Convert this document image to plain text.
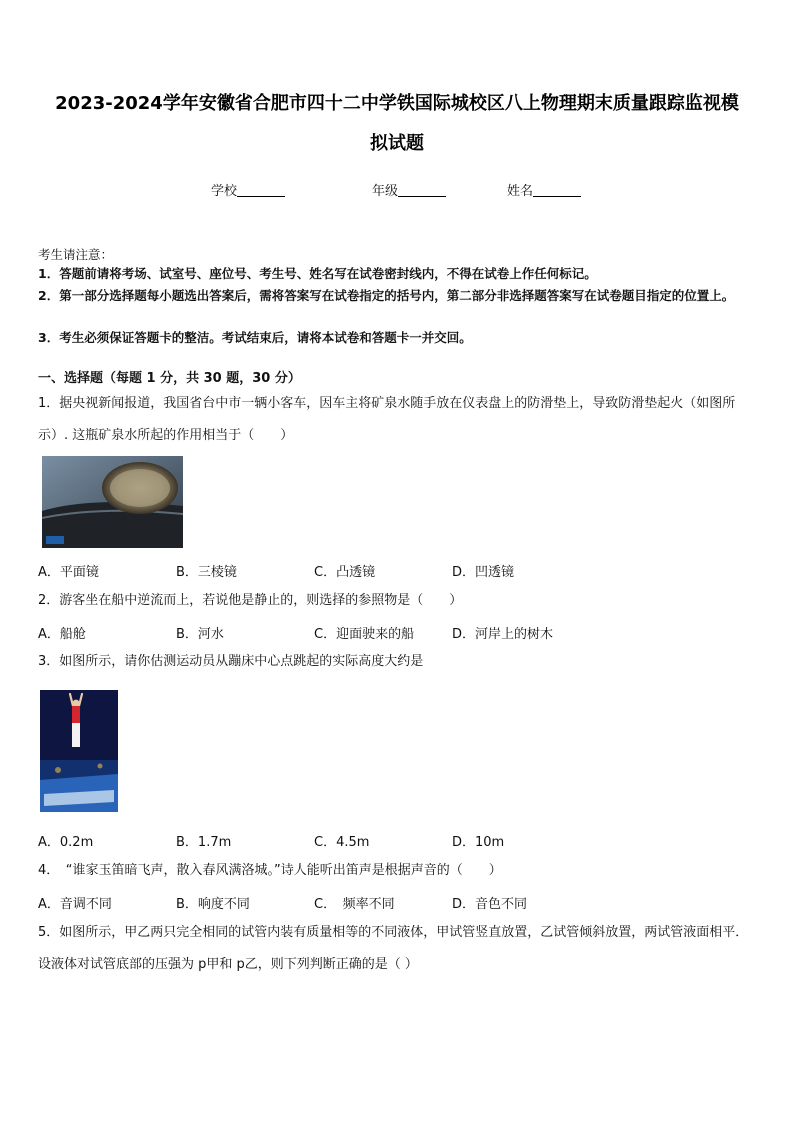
2023-2024学年安徽省合肥市四十二中学铁国际城校区八上物理期末质量跟踪监视模
拟试题
学校	年级	姓名
考生请注意：
1．答题前请将考场、试室号、座位号、考生号、姓名写在试卷密封线内，不得在试卷上作任何标记。
2．第一部分选择题每小题选出答案后，需将答案写在试卷指定的括号内，第二部分非选择题答案写在试卷题目指定的位置上。
3．考生必须保证答题卡的整洁。考试结束后，请将本试卷和答题卡一并交回。
一、选择题（每题 1 分，共 30 题，30 分）
1．据央视新闻报道，我国省台中市一辆小客车，因车主将矿泉水随手放在仪表盘上的防滑垫上，导致防滑垫起火（如图所示）. 这瓶矿泉水所起的作用相当于（　　）
A．平面镜	B．三棱镜	C．凸透镜	D．凹透镜
2．游客坐在船中逆流而上，若说他是静止的，则选择的参照物是（　　）
A．船舱	B．河水	C．迎面驶来的船	D．河岸上的树木
3．如图所示，请你估测运动员从蹦床中心点跳起的实际高度大约是
A．0.2m	B．1.7m	C．4.5m	D．10m
4．　“谁家玉笛暗飞声，散入春风满洛城。”诗人能听出笛声是根据声音的（　　）
A．音调不同	B．响度不同	C．　频率不同	D．音色不同
5．如图所示，甲乙两只完全相同的试管内装有质量相等的不同液体，甲试管竖直放置，乙试管倾斜放置，两试管液面相平．设液体对试管底部的压强为 p甲和 p乙，则下列判断正确的是（ ）
